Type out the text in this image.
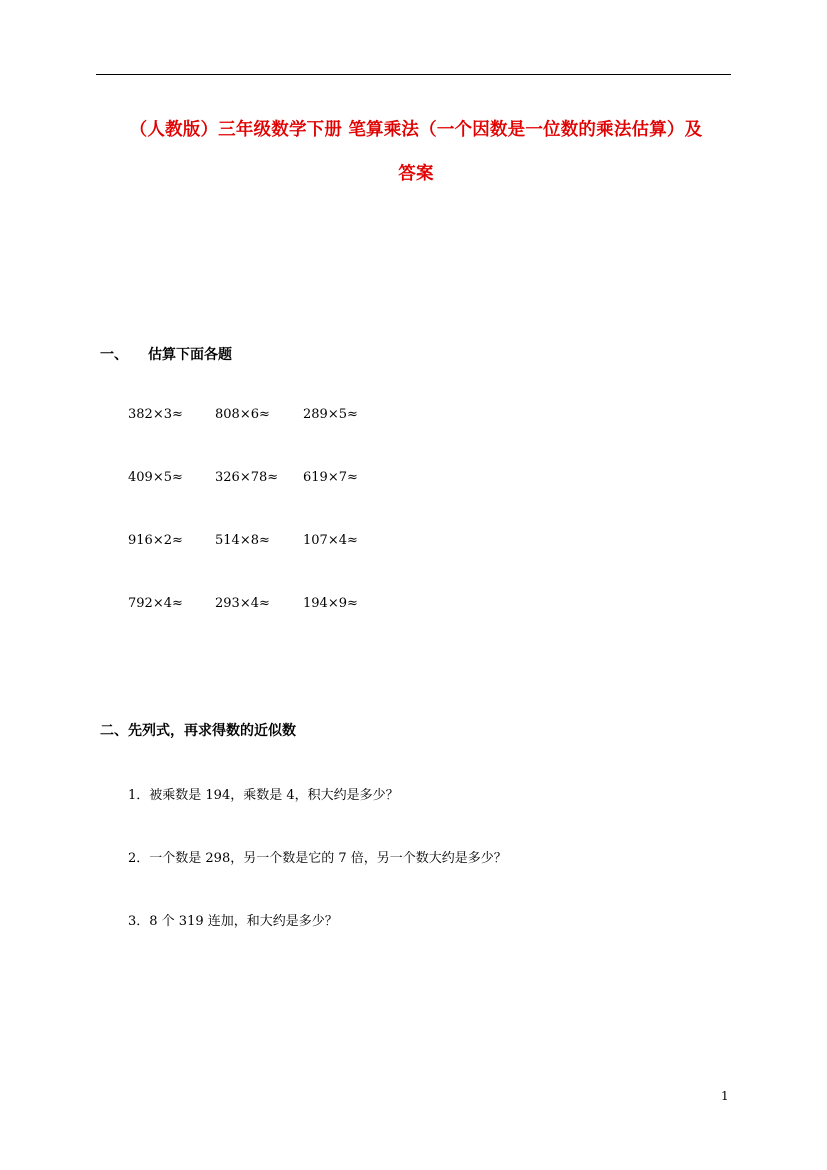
（人教版）三年级数学下册 笔算乘法（一个因数是一位数的乘法估算）及
答案
一、 估算下面各题
382×3≈ 808×6≈	289×5≈
409×5≈ 326×78≈ 619×7≈
916×2≈ 514×8≈	107×4≈
792×4≈ 293×4≈	194×9≈
二、先列式，再求得数的近似数
1．被乘数是 194，乘数是 4，积大约是多少？
2．一个数是 298，另一个数是它的 7 倍，另一个数大约是多少？
3．8 个 319 连加，和大约是多少？
1
